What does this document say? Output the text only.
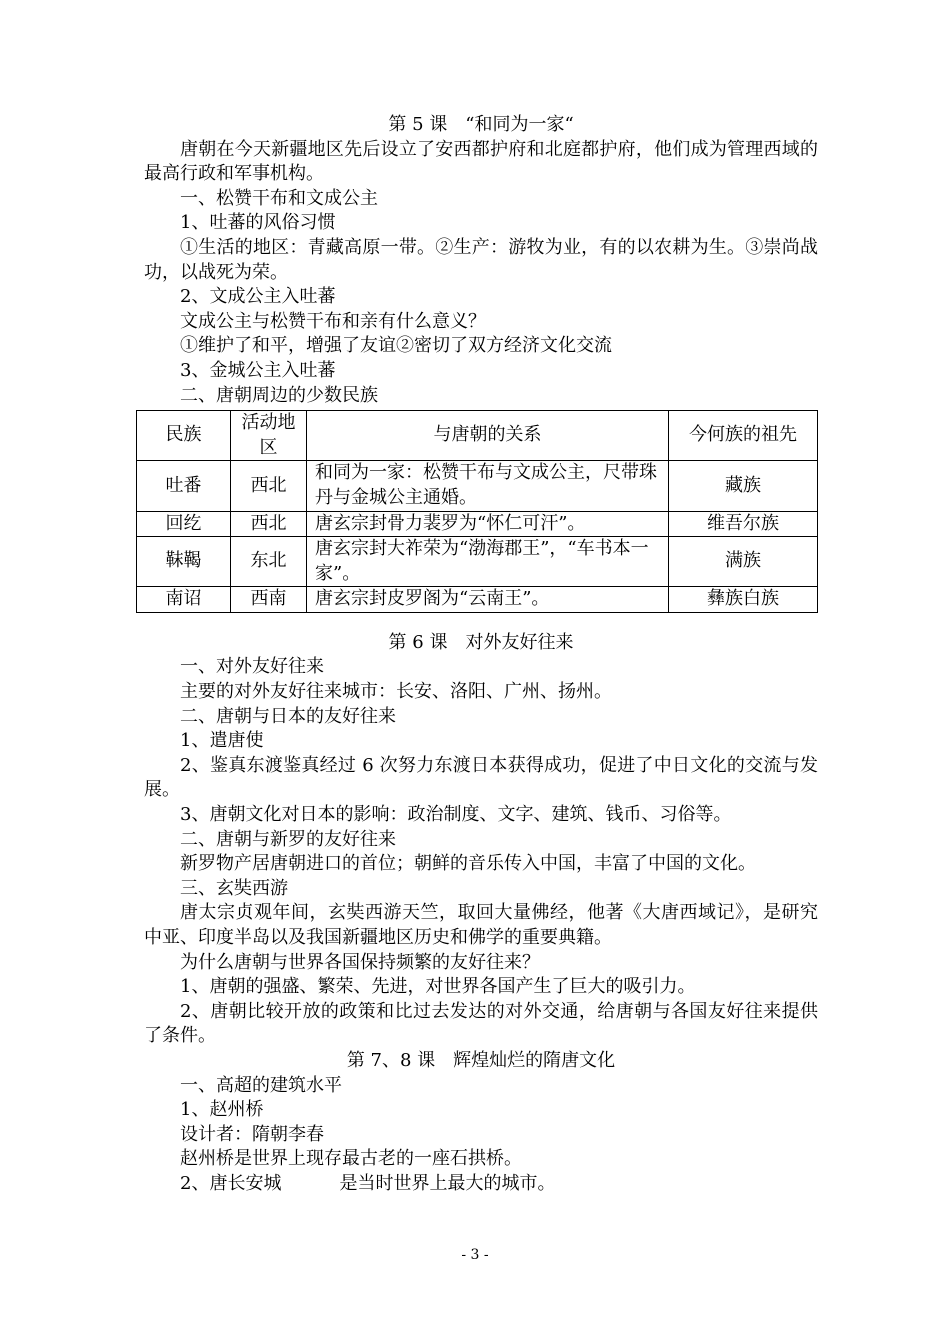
第 5 课　“和同为一家“
唐朝在今天新疆地区先后设立了安西都护府和北庭都护府，他们成为管理西域的最高行政和军事机构。
一、松赞干布和文成公主
1、吐蕃的风俗习惯
①生活的地区：青藏高原一带。②生产：游牧为业，有的以农耕为生。③崇尚战功，以战死为荣。
2、文成公主入吐蕃
文成公主与松赞干布和亲有什么意义？
①维护了和平，增强了友谊②密切了双方经济文化交流
3、金城公主入吐蕃
二、唐朝周边的少数民族
民族	活动地区	与唐朝的关系	今何族的祖先
吐番	西北	和同为一家：松赞干布与文成公主，尺带珠丹与金城公主通婚。	藏族
回纥	西北	唐玄宗封骨力裴罗为“怀仁可汗”。	维吾尔族
靺鞨	东北	唐玄宗封大祚荣为“渤海郡王”，“车书本一家”。	满族
南诏	西南	唐玄宗封皮罗阁为“云南王”。	彝族白族
第 6 课　对外友好往来
一、对外友好往来
主要的对外友好往来城市：长安、洛阳、广州、扬州。
二、唐朝与日本的友好往来
1、遣唐使
2、鉴真东渡鉴真经过 6 次努力东渡日本获得成功，促进了中日文化的交流与发展。
3、唐朝文化对日本的影响：政治制度、文字、建筑、钱币、习俗等。
二、唐朝与新罗的友好往来
新罗物产居唐朝进口的首位；朝鲜的音乐传入中国，丰富了中国的文化。
三、玄奘西游
唐太宗贞观年间，玄奘西游天竺，取回大量佛经，他著《大唐西域记》，是研究中亚、印度半岛以及我国新疆地区历史和佛学的重要典籍。
为什么唐朝与世界各国保持频繁的友好往来？
1、唐朝的强盛、繁荣、先进，对世界各国产生了巨大的吸引力。
2、唐朝比较开放的政策和比过去发达的对外交通，给唐朝与各国友好往来提供了条件。
第 7、8 课　辉煌灿烂的隋唐文化
一、高超的建筑水平
1、赵州桥
设计者：隋朝李春
赵州桥是世界上现存最古老的一座石拱桥。
2、唐长安城	是当时世界上最大的城市。
- 3 -
